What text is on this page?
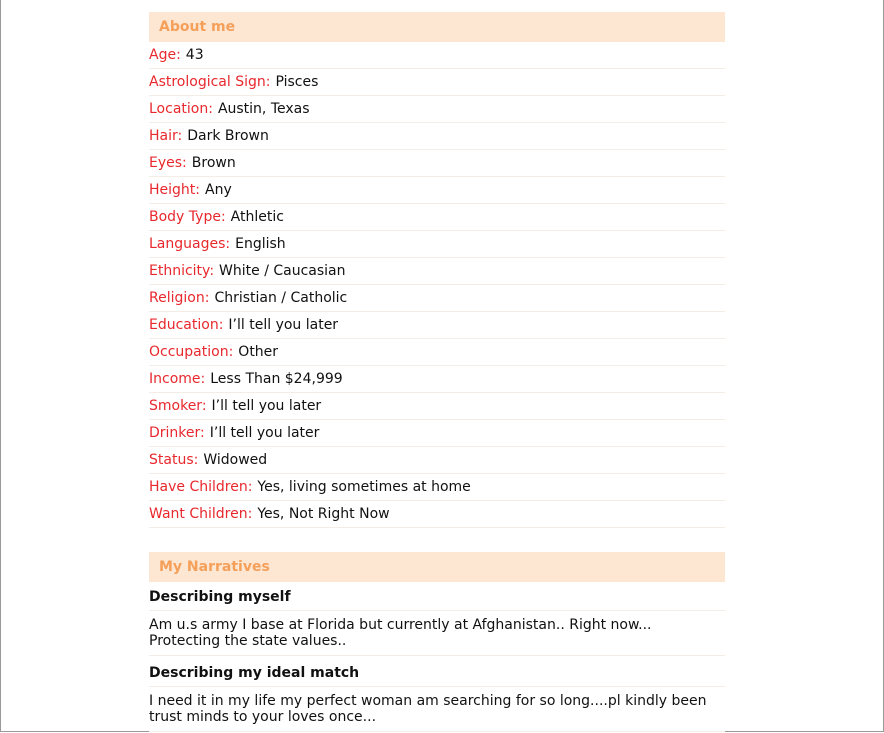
About me
Age: 43
Astrological Sign: Pisces
Location: Austin, Texas
Hair: Dark Brown
Eyes: Brown
Height: Any
Body Type: Athletic
Languages: English
Ethnicity: White / Caucasian
Religion: Christian / Catholic
Education: I’ll tell you later
Occupation: Other
Income: Less Than $24,999
Smoker: I’ll tell you later
Drinker: I’ll tell you later
Status: Widowed
Have Children: Yes, living sometimes at home
Want Children: Yes, Not Right Now
My Narratives
Describing myself
Am u.s army I base at Florida but currently at Afghanistan.. Right now... Protecting the state values..
Describing my ideal match
I need it in my life my perfect woman am searching for so long....pl kindly been trust minds to your loves once...
